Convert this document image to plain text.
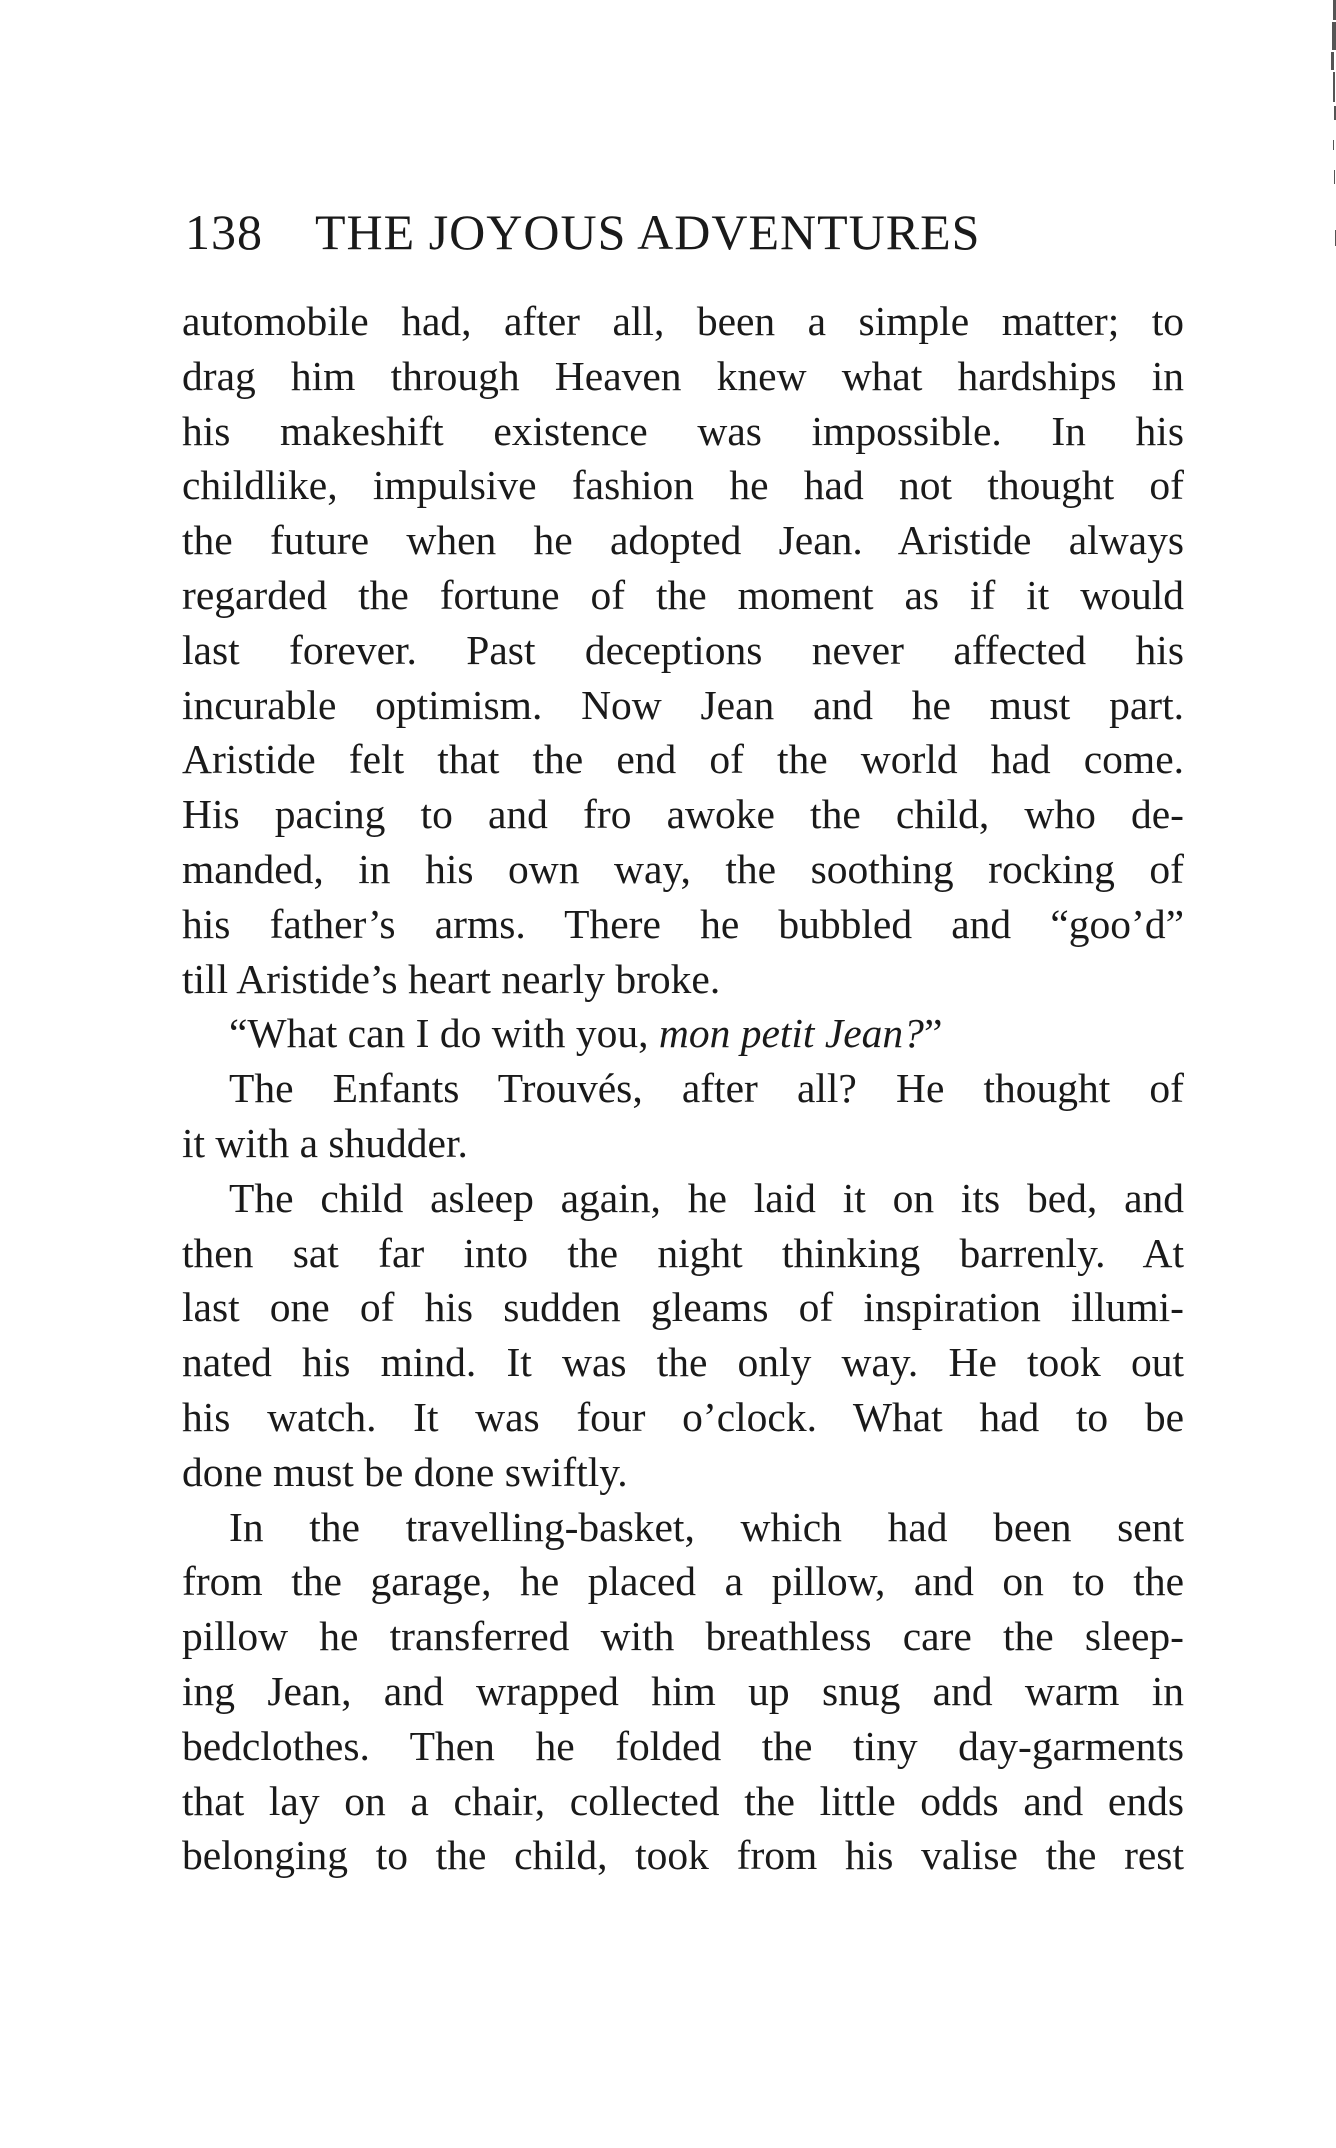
138 THE JOYOUS ADVENTURES
automobile had, after all, been a simple matter; to
drag him through Heaven knew what hardships in
his makeshift existence was impossible. In his
childlike, impulsive fashion he had not thought of
the future when he adopted Jean. Aristide always
regarded the fortune of the moment as if it would
last forever. Past deceptions never affected his
incurable optimism. Now Jean and he must part.
Aristide felt that the end of the world had come.
His pacing to and fro awoke the child, who de-
manded, in his own way, the soothing rocking of
his father’s arms. There he bubbled and “goo’d”
till Aristide’s heart nearly broke.
“What can I do with you, mon petit Jean?”
The Enfants Trouvés, after all? He thought of
it with a shudder.
The child asleep again, he laid it on its bed, and
then sat far into the night thinking barrenly. At
last one of his sudden gleams of inspiration illumi-
nated his mind. It was the only way. He took out
his watch. It was four o’clock. What had to be
done must be done swiftly.
In the travelling-basket, which had been sent
from the garage, he placed a pillow, and on to the
pillow he transferred with breathless care the sleep-
ing Jean, and wrapped him up snug and warm in
bedclothes. Then he folded the tiny day-garments
that lay on a chair, collected the little odds and ends
belonging to the child, took from his valise the rest
